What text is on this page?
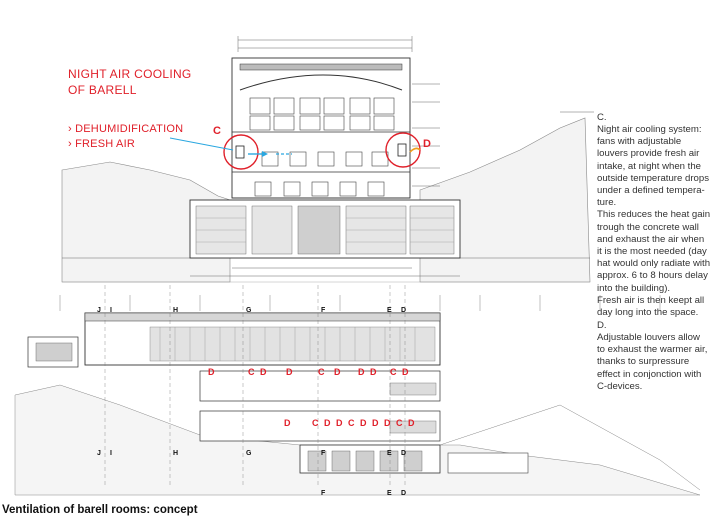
NIGHT AIR COOLING
OF BARELL
› DEHUMIDIFICATION
› FRESH AIR
C
D
C.
Night air cooling system:
fans with adjustable
louvers provide fresh air
intake, at night when the
outside temperature drops
under a defined tempera-
ture.
This reduces the heat gain
trough the concrete wall
and exhaust the air when
it is the most needed (day
hat would only radiate with
approx. 6 to 8 hours delay
into the building).
Fresh air is then keept all
day long into the space.
D.
Adjustable louvers allow
to exhaust the warmer air,
thanks to surpressure
effect in conjonction with
C-devices.
J I	H	G	F	E D
J I	H	G	F	E D
F	E D
D	C D D	C D D D C D
D C D D C D D D C D
Ventilation of barell rooms: concept
